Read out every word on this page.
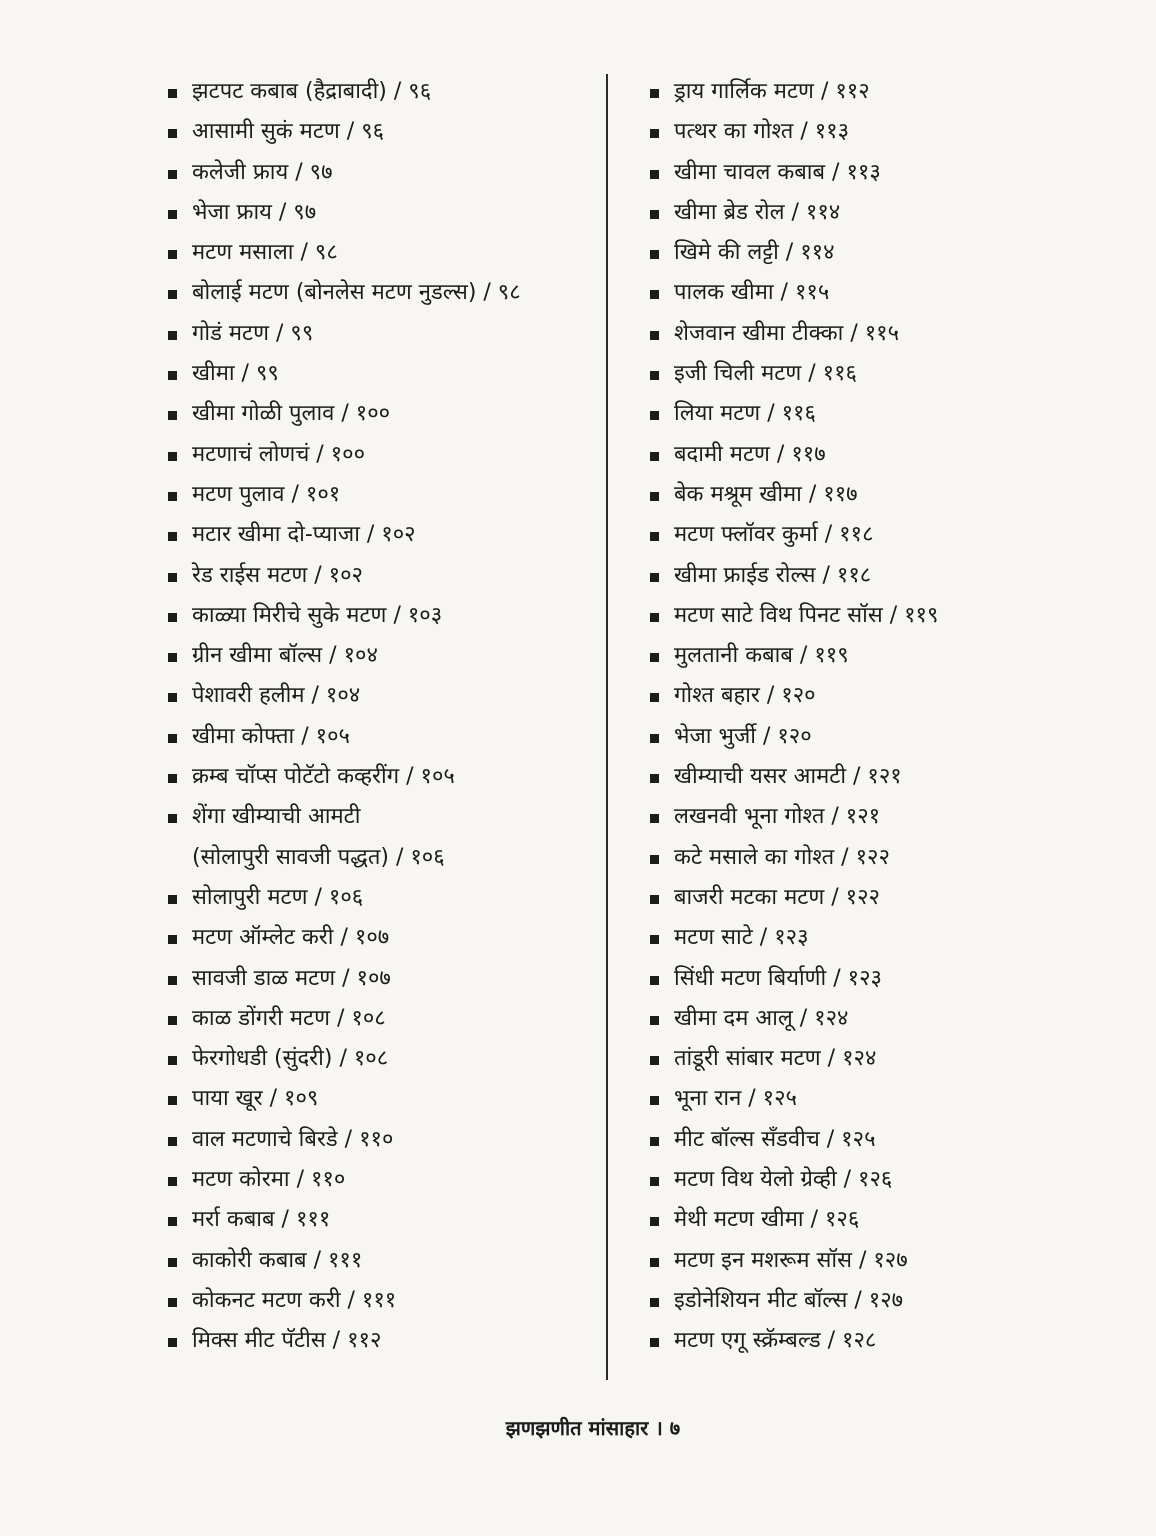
झटपट कबाब (हैद्राबादी) / ९६
आसामी सुकं मटण / ९६
कलेजी फ्राय / ९७
भेजा फ्राय / ९७
मटण मसाला / ९८
बोलाई मटण (बोनलेस मटण नुडल्स) / ९८
गोडं मटण / ९९
खीमा / ९९
खीमा गोळी पुलाव / १००
मटणाचं लोणचं / १००
मटण पुलाव / १०१
मटार खीमा दो-प्याजा / १०२
रेड राईस मटण / १०२
काळ्या मिरीचे सुके मटण / १०३
ग्रीन खीमा बॉल्स / १०४
पेशावरी हलीम / १०४
खीमा कोफ्ता / १०५
क्रम्ब चॉप्स पोटॅटो कव्हरींग / १०५
शेंगा खीम्याची आमटी
(सोलापुरी सावजी पद्धत) / १०६
सोलापुरी मटण / १०६
मटण ऑम्लेट करी / १०७
सावजी डाळ मटण / १०७
काळ डोंगरी मटण / १०८
फेरगोधडी (सुंदरी) / १०८
पाया खूर / १०९
वाल मटणाचे बिरडे / ११०
मटण कोरमा / ११०
मर्रा कबाब / १११
काकोरी कबाब / १११
कोकनट मटण करी / १११
मिक्स मीट पॅटीस / ११२
ड्राय गार्लिक मटण / ११२
पत्थर का गोश्त / ११३
खीमा चावल कबाब / ११३
खीमा ब्रेड रोल / ११४
खिमे की लट्टी / ११४
पालक खीमा / ११५
शेजवान खीमा टीक्का / ११५
इजी चिली मटण / ११६
लिया मटण / ११६
बदामी मटण / ११७
बेक मश्रूम खीमा / ११७
मटण फ्लॉवर कुर्मा / ११८
खीमा फ्राईड रोल्स / ११८
मटण साटे विथ पिनट सॉस / ११९
मुलतानी कबाब / ११९
गोश्त बहार / १२०
भेजा भुर्जी / १२०
खीम्याची यसर आमटी / १२१
लखनवी भूना गोश्त / १२१
कटे मसाले का गोश्त / १२२
बाजरी मटका मटण / १२२
मटण साटे / १२३
सिंधी मटण बिर्याणी / १२३
खीमा दम आलू / १२४
तांडूरी सांबार मटण / १२४
भूना रान / १२५
मीट बॉल्स सँडवीच / १२५
मटण विथ येलो ग्रेव्ही / १२६
मेथी मटण खीमा / १२६
मटण इन मशरूम सॉस / १२७
इडोनेशियन मीट बॉल्स / १२७
मटण एगू स्क्रॅम्बल्ड / १२८
झणझणीत मांसाहार । ७
